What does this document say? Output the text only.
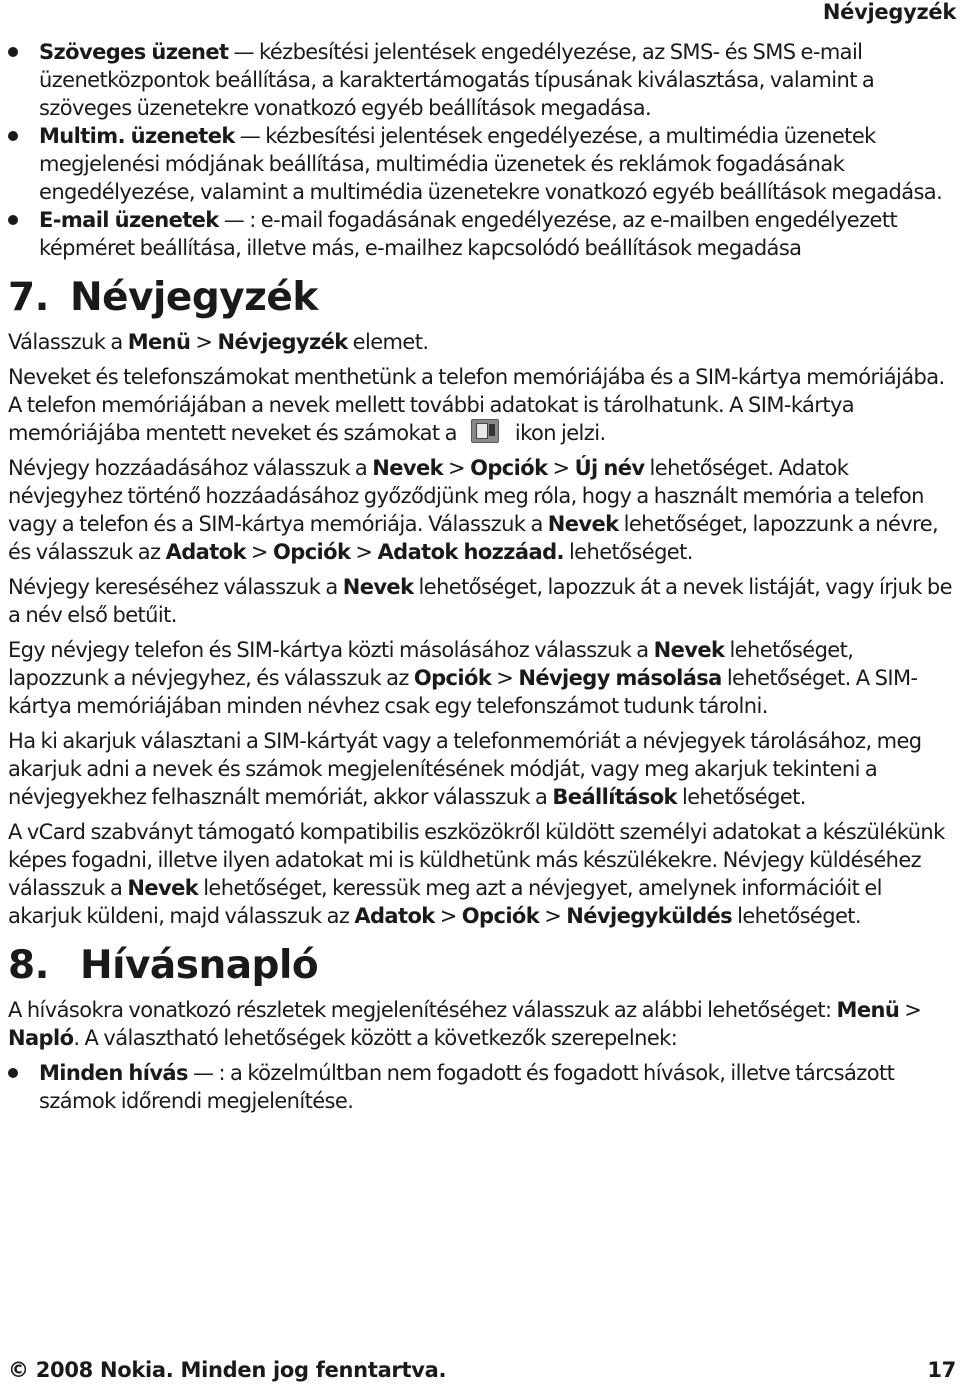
Névjegyzék
Szöveges üzenet — kézbesítési jelentések engedélyezése, az SMS- és SMS e-mail üzenetközpontok beállítása, a karaktertámogatás típusának kiválasztása, valamint a szöveges üzenetekre vonatkozó egyéb beállítások megadása.
Multim. üzenetek — kézbesítési jelentések engedélyezése, a multimédia üzenetek megjelenési módjának beállítása, multimédia üzenetek és reklámok fogadásának engedélyezése, valamint a multimédia üzenetekre vonatkozó egyéb beállítások megadása.
E-mail üzenetek — : e-mail fogadásának engedélyezése, az e-mailben engedélyezett képméret beállítása, illetve más, e-mailhez kapcsolódó beállítások megadása
7. Névjegyzék

Válasszuk a Menü > Névjegyzék elemet.

Neveket és telefonszámokat menthetünk a telefon memóriájába és a SIM-kártya memóriájába. A telefon memóriájában a nevek mellett további adatokat is tárolhatunk. A SIM-kártya memóriájába mentett neveket és számokat a	ikon jelzi.

Névjegy hozzáadásához válasszuk a Nevek > Opciók > Új név lehetőséget. Adatok névjegyhez történő hozzáadásához győződjünk meg róla, hogy a használt memória a telefon vagy a telefon és a SIM-kártya memóriája. Válasszuk a Nevek lehetőséget, lapozzunk a névre, és válasszuk az Adatok > Opciók > Adatok hozzáad. lehetőséget.

Névjegy kereséséhez válasszuk a Nevek lehetőséget, lapozzuk át a nevek listáját, vagy írjuk be a név első betűit.

Egy névjegy telefon és SIM-kártya közti másolásához válasszuk a Nevek lehetőséget, lapozzunk a névjegyhez, és válasszuk az Opciók > Névjegy másolása lehetőséget. A SIM-kártya memóriájában minden névhez csak egy telefonszámot tudunk tárolni.

Ha ki akarjuk választani a SIM-kártyát vagy a telefonmemóriát a névjegyek tárolásához, meg akarjuk adni a nevek és számok megjelenítésének módját, vagy meg akarjuk tekinteni a névjegyekhez felhasznált memóriát, akkor válasszuk a Beállítások lehetőséget.

A vCard szabványt támogató kompatibilis eszközökről küldött személyi adatokat a készülékünk képes fogadni, illetve ilyen adatokat mi is küldhetünk más készülékekre. Névjegy küldéséhez válasszuk a Nevek lehetőséget, keressük meg azt a névjegyet, amelynek információit el akarjuk küldeni, majd válasszuk az Adatok > Opciók > Névjegyküldés lehetőséget.

8. Hívásnapló

A hívásokra vonatkozó részletek megjelenítéséhez válasszuk az alábbi lehetőséget: Menü > Napló. A választható lehetőségek között a következők szerepelnek:

Minden hívás — : a közelmúltban nem fogadott és fogadott hívások, illetve tárcsázott számok időrendi megjelenítése.
© 2008 Nokia. Minden jog fenntartva.	17
